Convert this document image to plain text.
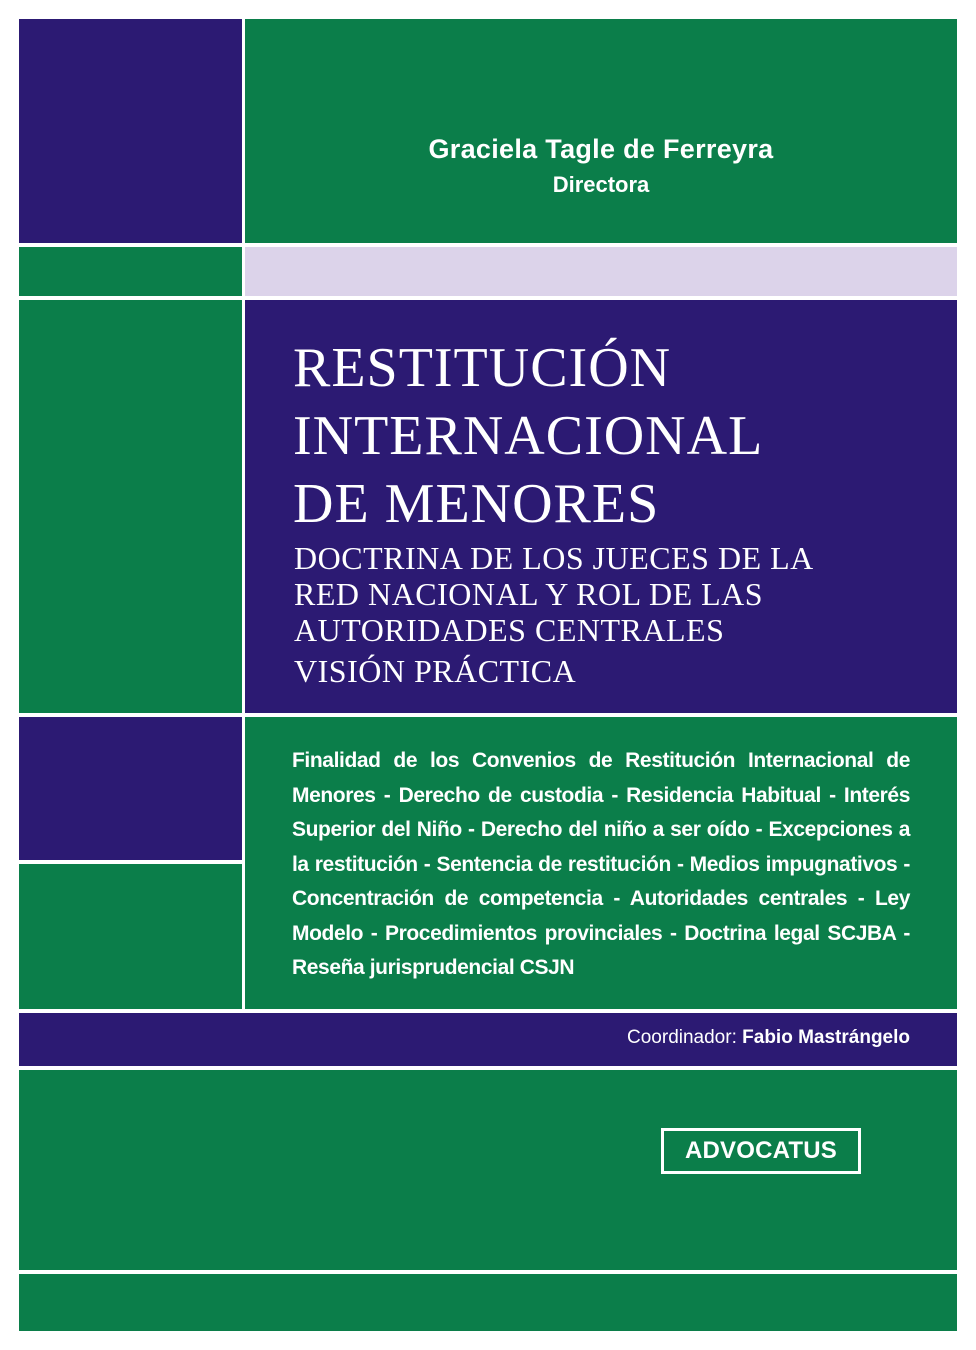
Graciela Tagle de Ferreyra
Directora
RESTITUCIÓN
INTERNACIONAL
DE MENORES
DOCTRINA DE LOS JUECES DE LA
RED NACIONAL Y ROL DE LAS
AUTORIDADES CENTRALES
VISIÓN PRÁCTICA
Finalidad de los Convenios de Restitución Internacional de Menores - Derecho de custodia - Residencia Habitual - Interés Superior del Niño - Derecho del niño a ser oído - Excepciones a la restitución - Sentencia de restitución - Medios impugnativos - Concentración de competencia - Autoridades centrales - Ley Modelo - Procedimientos provinciales - Doctrina legal SCJBA - Reseña jurisprudencial CSJN
Coordinador: Fabio Mastrángelo
ADVOCATUS
